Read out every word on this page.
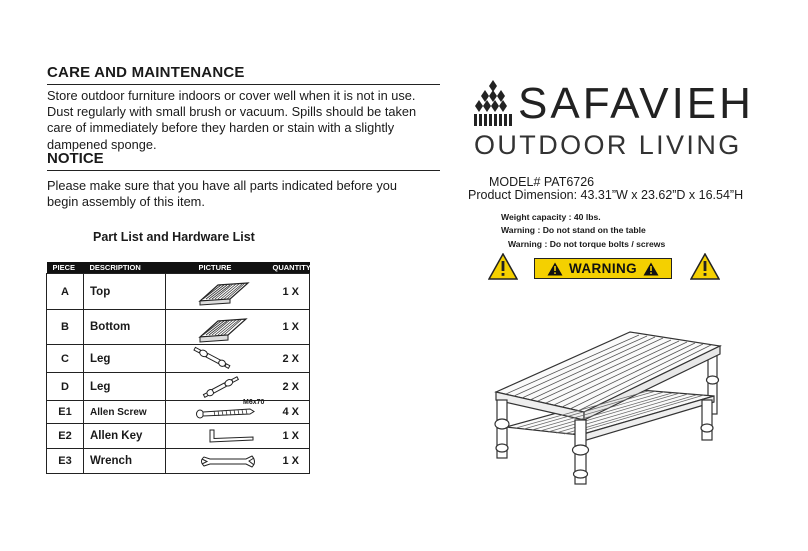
CARE AND MAINTENANCE
Store outdoor furniture indoors or cover well when it is not in use.
Dust regularly with small brush or vacuum. Spills should be taken
care of immediately before they harden or stain with a slightly
dampened sponge.
NOTICE
Please make sure that you have all parts indicated before you
begin assembly of this item.
Part List and Hardware List
PIECE	DESCRIPTION	PICTURE	QUANTITY
A	Top		1 X
B	Bottom		1 X
C	Leg		2 X
D	Leg		2 X
E1	Allen Screw	M6x70	4 X
E2	Allen Key		1 X
E3	Wrench		1 X
SAFAVIEH
OUTDOOR LIVING
MODEL# PAT6726
Product Dimension: 43.31”W x 23.62”D x 16.54”H
Weight capacity : 40 lbs.
Warning : Do not stand on the table
Warning : Do not torque bolts / screws
WARNING
